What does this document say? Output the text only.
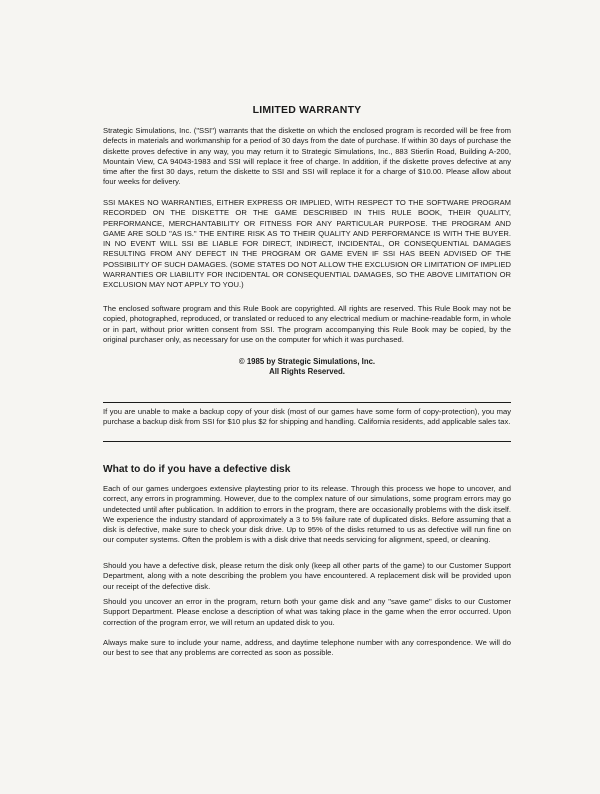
LIMITED WARRANTY

Strategic Simulations, Inc. ("SSI") warrants that the diskette on which the enclosed program is recorded will be free from defects in materials and workmanship for a period of 30 days from the date of purchase. If within 30 days of purchase the diskette proves defective in any way, you may return it to Strategic Simulations, Inc., 883 Stierlin Road, Building A-200, Mountain View, CA 94043-1983 and SSI will replace it free of charge. In addition, if the diskette proves defective at any time after the first 30 days, return the diskette to SSI and SSI will replace it for a charge of $10.00. Please allow about four weeks for delivery.

SSI MAKES NO WARRANTIES, EITHER EXPRESS OR IMPLIED, WITH RESPECT TO THE SOFTWARE PROGRAM RECORDED ON THE DISKETTE OR THE GAME DESCRIBED IN THIS RULE BOOK, THEIR QUALITY, PERFORMANCE, MERCHANTABILITY OR FITNESS FOR ANY PARTICULAR PURPOSE. THE PROGRAM AND GAME ARE SOLD "AS IS." THE ENTIRE RISK AS TO THEIR QUALITY AND PERFORMANCE IS WITH THE BUYER. IN NO EVENT WILL SSI BE LIABLE FOR DIRECT, INDIRECT, INCIDENTAL, OR CONSEQUENTIAL DAMAGES RESULTING FROM ANY DEFECT IN THE PROGRAM OR GAME EVEN IF SSI HAS BEEN ADVISED OF THE POSSIBILITY OF SUCH DAMAGES. (SOME STATES DO NOT ALLOW THE EXCLUSION OR LIMITATION OF IMPLIED WARRANTIES OR LIABILITY FOR INCIDENTAL OR CONSEQUENTIAL DAMAGES, SO THE ABOVE LIMITATION OR EXCLUSION MAY NOT APPLY TO YOU.)

The enclosed software program and this Rule Book are copyrighted. All rights are reserved. This Rule Book may not be copied, photographed, reproduced, or translated or reduced to any electrical medium or machine-readable form, in whole or in part, without prior written consent from SSI. The program accompanying this Rule Book may be copied, by the original purchaser only, as necessary for use on the computer for which it was purchased.

© 1985 by Strategic Simulations, Inc.
All Rights Reserved.

If you are unable to make a backup copy of your disk (most of our games have some form of copy-protection), you may purchase a backup disk from SSI for $10 plus $2 for shipping and handling. California residents, add applicable sales tax.

What to do if you have a defective disk

Each of our games undergoes extensive playtesting prior to its release. Through this process we hope to uncover, and correct, any errors in programming. However, due to the complex nature of our simulations, some program errors may go undetected until after publication. In addition to errors in the program, there are occasionally problems with the disk itself. We experience the industry standard of approximately a 3 to 5% failure rate of duplicated disks. Before assuming that a disk is defective, make sure to check your disk drive. Up to 95% of the disks returned to us as defective will run fine on our computer systems. Often the problem is with a disk drive that needs servicing for alignment, speed, or cleaning.

Should you have a defective disk, please return the disk only (keep all other parts of the game) to our Customer Support Department, along with a note describing the problem you have encountered. A replacement disk will be provided upon our receipt of the defective disk.

Should you uncover an error in the program, return both your game disk and any "save game" disks to our Customer Support Department. Please enclose a description of what was taking place in the game when the error occurred. Upon correction of the program error, we will return an updated disk to you.

Always make sure to include your name, address, and daytime telephone number with any correspondence. We will do our best to see that any problems are corrected as soon as possible.
